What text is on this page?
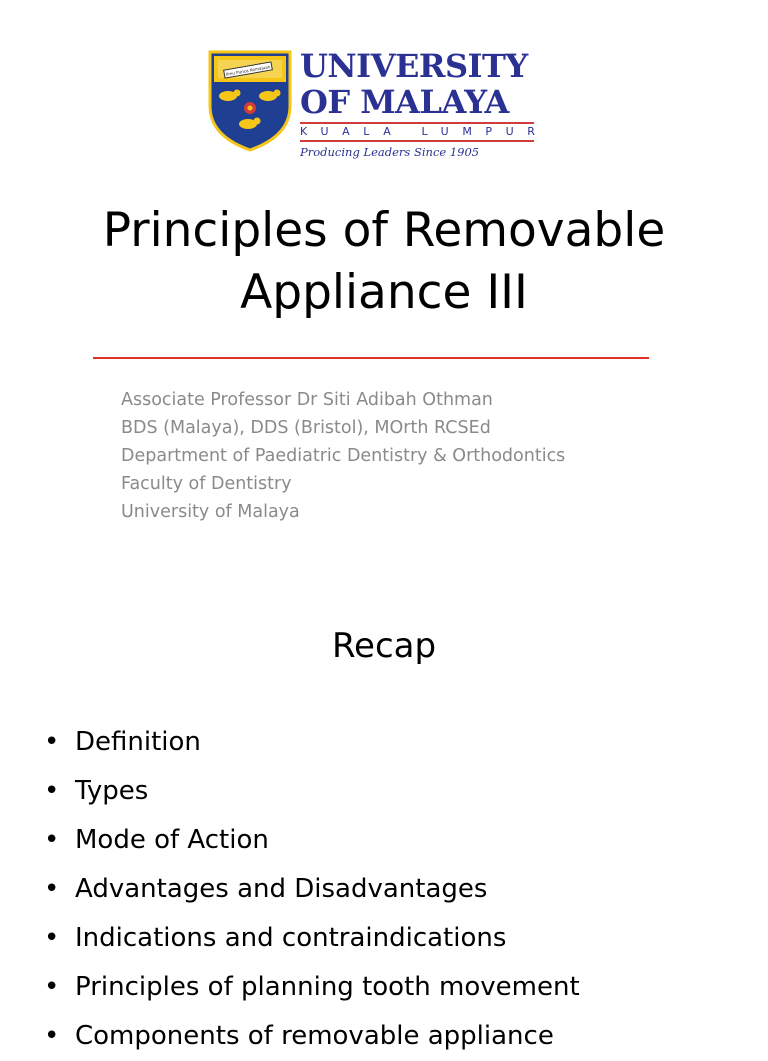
Ilmu Punca Kemajuan UNIVERSITY
OF MALAYA
KUALA LUMPUR
Producing Leaders Since 1905
Principles of Removable
Appliance III
Associate Professor Dr Siti Adibah Othman
BDS (Malaya), DDS (Bristol), MOrth RCSEd
Department of Paediatric Dentistry & Orthodontics
Faculty of Dentistry
University of Malaya
Recap
• Definition
• Types
• Mode of Action
• Advantages and Disadvantages
• Indications and contraindications
• Principles of planning tooth movement
• Components of removable appliance
